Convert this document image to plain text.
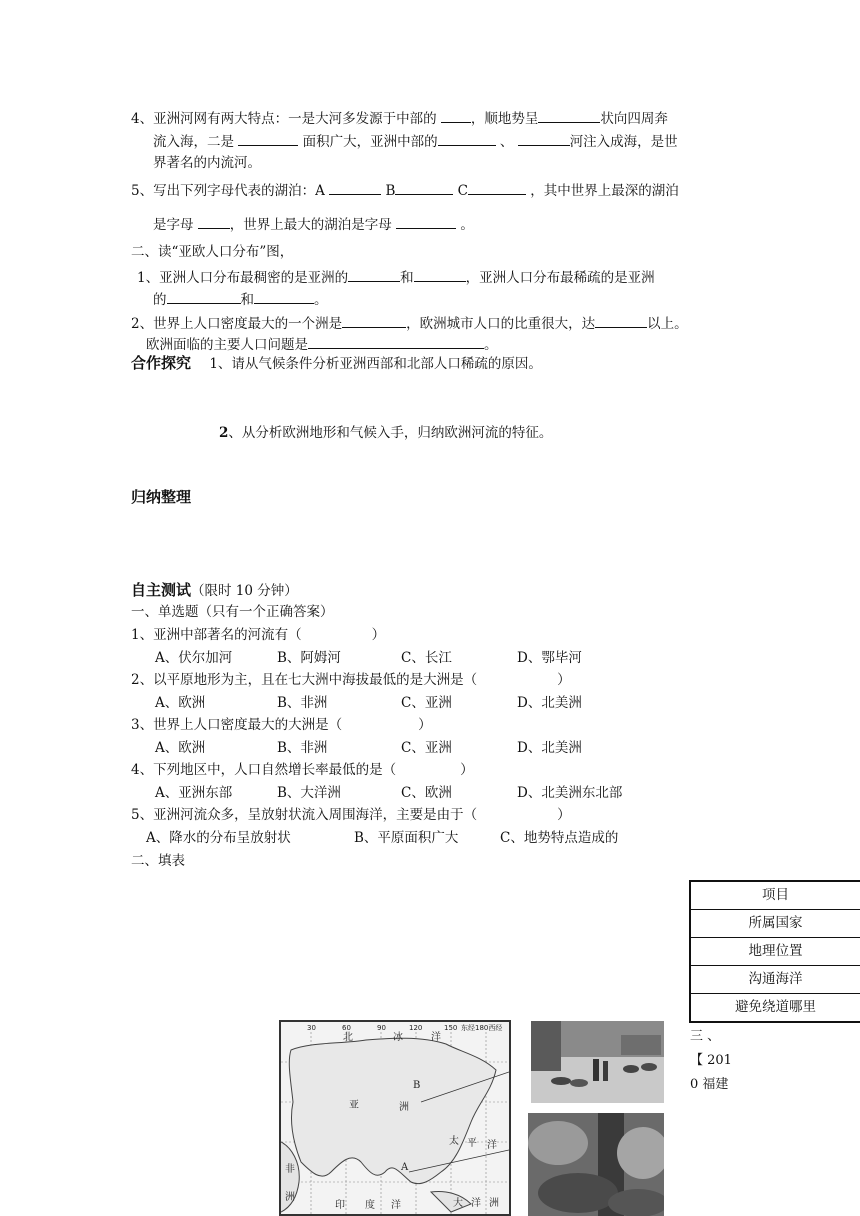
4、亚洲河网有两大特点：一是大河多发源于中部的	，顺地势呈	状向四周奔
流入海，二是	面积广大，亚洲中部的	、	河注入成海，是世
界著名的内流河。
5、写出下列字母代表的湖泊：A	B	C	，其中世界上最深的湖泊
是字母	，世界上最大的湖泊是字母	。
二、读“亚欧人口分布”图，
1、亚洲人口分布最稠密的是亚洲的	和	，亚洲人口分布最稀疏的是亚洲
的	和	。
2、世界上人口密度最大的一个洲是	，欧洲城市人口的比重很大，达	以上。
欧洲面临的主要人口问题是	。
合作探究 1、请从气候条件分析亚洲西部和北部人口稀疏的原因。
2、从分析欧洲地形和气候入手，归纳欧洲河流的特征。
归纳整理
自主测试（限时 10 分钟）
一、单选题（只有一个正确答案）
1、亚洲中部著名的河流有（	）
A、伏尔加河	B、阿姆河	C、长江	D、鄂毕河
2、以平原地形为主，且在七大洲中海拔最低的是大洲是（	）
A、欧洲	B、非洲	C、亚洲	D、北美洲
3、世界上人口密度最大的大洲是（	）
A、欧洲	B、非洲	C、亚洲	D、北美洲
4、下列地区中，人口自然增长率最低的是（	）
A、亚洲东部	B、大洋洲	C、欧洲	D、北美洲东北部
5、亚洲河流众多，呈放射状流入周围海洋，主要是由于（	）
A、降水的分布呈放射状	B、平原面积广大	C、地势特点造成的
二、填表
项目
所属国家
地理位置
沟通海洋
避免绕道哪里
三 、
【 201
0 福建
30	60	90	120	150 东经180西经
北	冰	洋
B
亚	洲
太 平 洋
非
洲
印 度 洋	大 洋 洲
A
